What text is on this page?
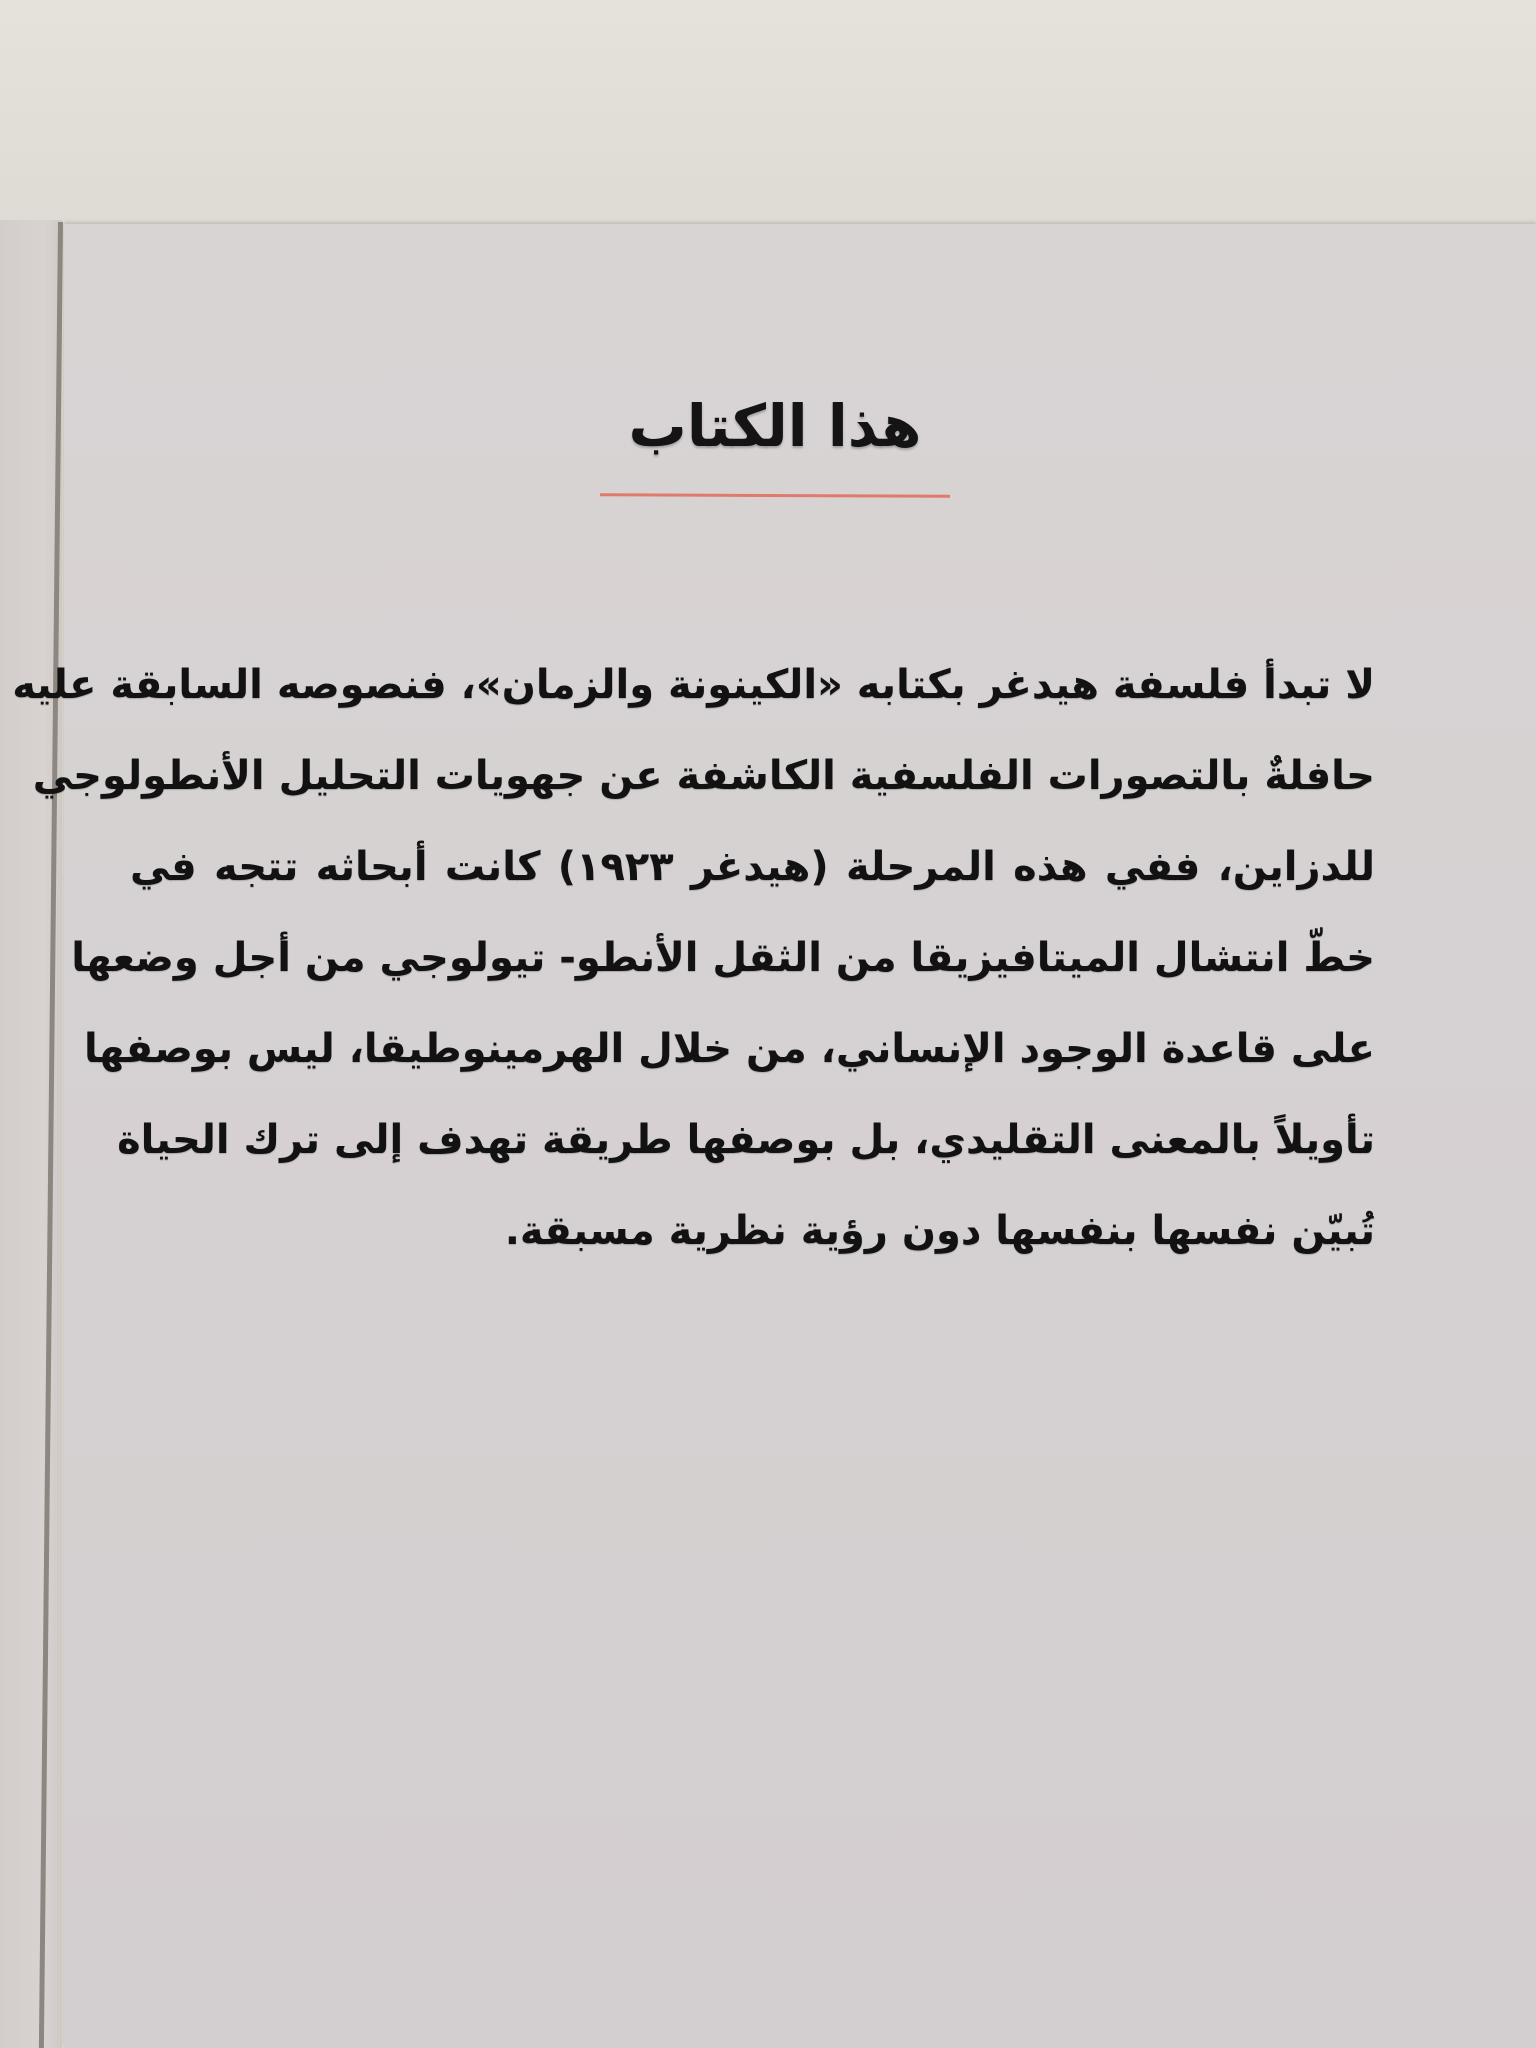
هذا الكتاب
لا تبدأ فلسفة هيدغر بكتابه «الكينونة والزمان»، فنصوصه السابقة عليه
حافلةٌ بالتصورات الفلسفية الكاشفة عن جهويات التحليل الأنطولوجي
للدزاين، ففي هذه المرحلة (هيدغر ١٩٢٣) كانت أبحاثه تتجه في
خطّ انتشال الميتافيزيقا من الثقل الأنطو- تيولوجي من أجل وضعها
على قاعدة الوجود الإنساني، من خلال الهرمينوطيقا، ليس بوصفها
تأويلاً بالمعنى التقليدي، بل بوصفها طريقة تهدف إلى ترك الحياة
تُبيّن نفسها بنفسها دون رؤية نظرية مسبقة.
